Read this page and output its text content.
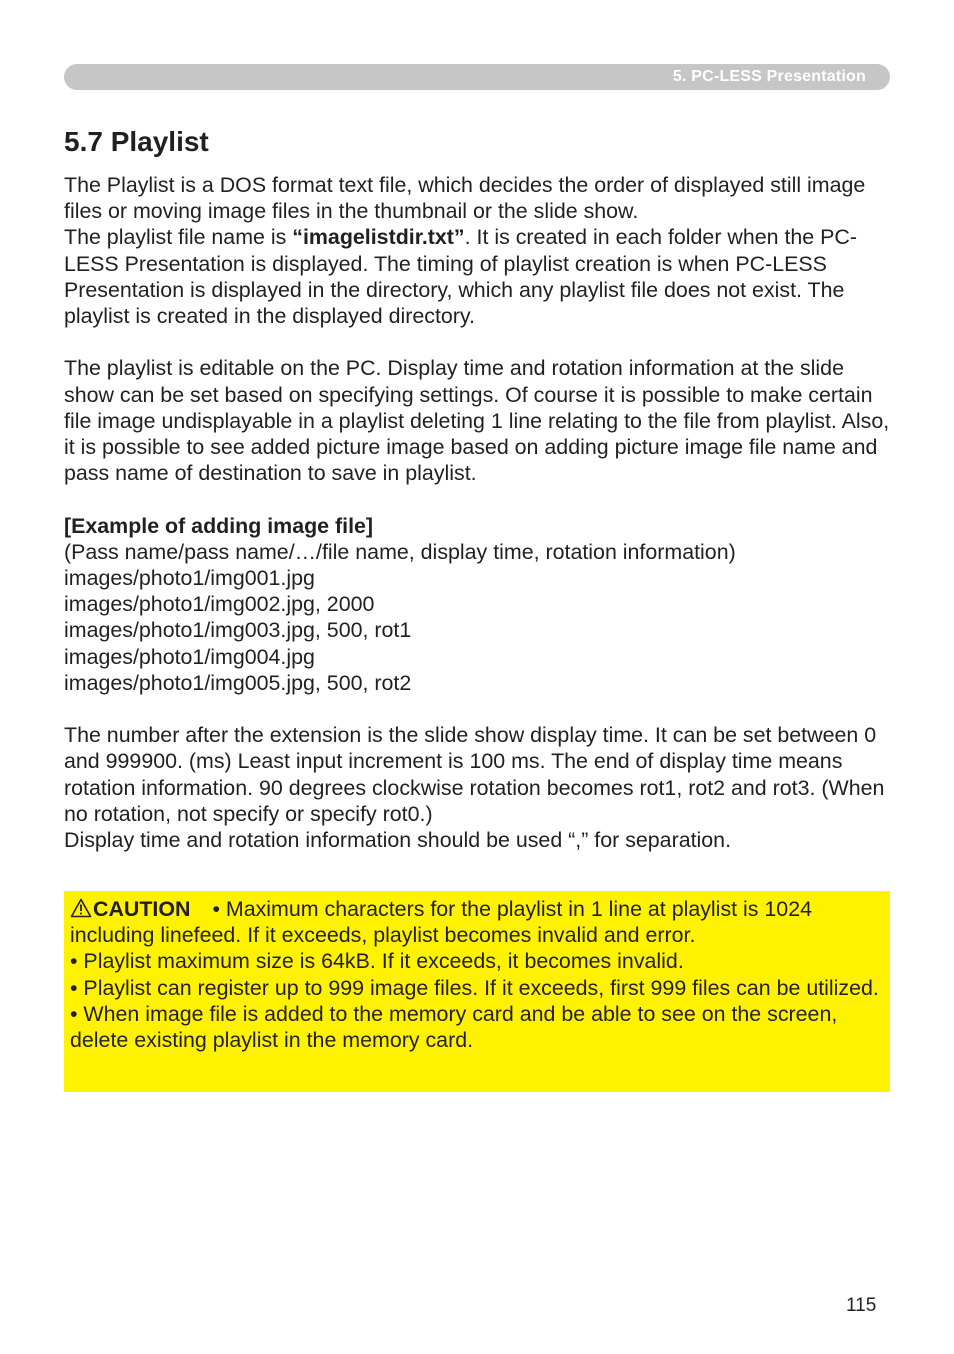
5. PC-LESS Presentation
5.7 Playlist

The Playlist is a DOS format text file, which decides the order of displayed still image files or moving image files in the thumbnail or the slide show.

The playlist file name is “imagelistdir.txt”. It is created in each folder when the PC-LESS Presentation is displayed. The timing of playlist creation is when PC-LESS Presentation is displayed in the directory, which any playlist file does not exist. The playlist is created in the displayed directory.

The playlist is editable on the PC. Display time and rotation information at the slide show can be set based on specifying settings. Of course it is possible to make certain file image undisplayable in a playlist deleting 1 line relating to the file from playlist. Also, it is possible to see added picture image based on adding picture image file name and pass name of destination to save in playlist.

[Example of adding image file]

(Pass name/pass name/…/file name, display time, rotation information)

images/photo1/img001.jpg

images/photo1/img002.jpg, 2000

images/photo1/img003.jpg, 500, rot1

images/photo1/img004.jpg

images/photo1/img005.jpg, 500, rot2

The number after the extension is the slide show display time. It can be set between 0 and 999900. (ms) Least input increment is 100 ms. The end of display time means rotation information. 90 degrees clockwise rotation becomes rot1, rot2 and rot3. (When no rotation, not specify or specify rot0.)

Display time and rotation information should be used “,” for separation.

CAUTION • Maximum characters for the playlist in 1 line at playlist is 1024 including linefeed. If it exceeds, playlist becomes invalid and error.

• Playlist maximum size is 64kB. If it exceeds, it becomes invalid.

• Playlist can register up to 999 image files. If it exceeds, first 999 files can be utilized.

• When image file is added to the memory card and be able to see on the screen, delete existing playlist in the memory card.

115
